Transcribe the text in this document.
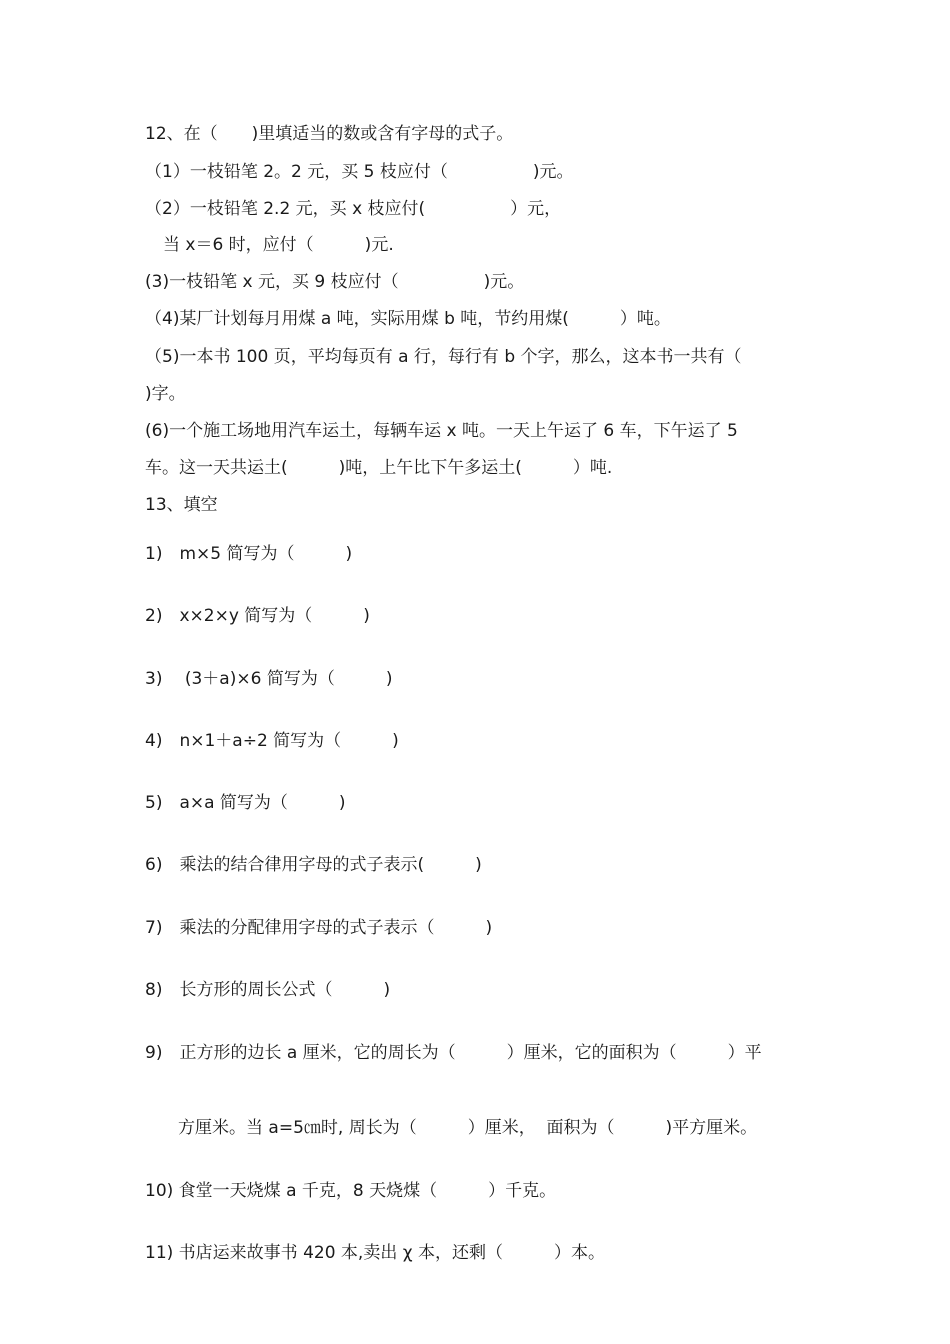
12、在（　　)里填适当的数或含有字母的式子。
（1）一枝铅笔 2。2 元，买 5 枝应付（　　　　　)元。
（2）一枝铅笔 2.2 元，买 x 枝应付(　　　　　）元，
当 x＝6 时，应付（　　　)元.
(3)一枝铅笔 x 元，买 9 枝应付（　　　　　)元。
（4)某厂计划每月用煤 a 吨，实际用煤 b 吨，节约用煤(　　　）吨。
（5)一本书 100 页，平均每页有 a 行，每行有 b 个字，那么，这本书一共有（
)字。
(6)一个施工场地用汽车运土，每辆车运 x 吨。一天上午运了 6 车，下午运了 5
车。这一天共运土(　　　)吨，上午比下午多运土(　　　）吨.
13、填空
1)　m×5 简写为（　　　)
2)　x×2×y 简写为（　　　)
3)　 (3＋a)×6 简写为（　　　)
4)　n×1＋a÷2 简写为（　　　)
5)　a×a 简写为（　　　)
6)　乘法的结合律用字母的式子表示(　　　)
7)　乘法的分配律用字母的式子表示（　　　)
8)　长方形的周长公式（　　　)
9)　正方形的边长 a 厘米，它的周长为（　　　）厘米，它的面积为（　　　）平
方厘米。当 a=5㎝时, 周长为（　　　）厘米，  面积为（　　　)平方厘米。
10) 食堂一天烧煤 a 千克，8 天烧煤（　　　）千克。
11) 书店运来故事书 420 本,卖出 χ 本，还剩（　　　）本。
